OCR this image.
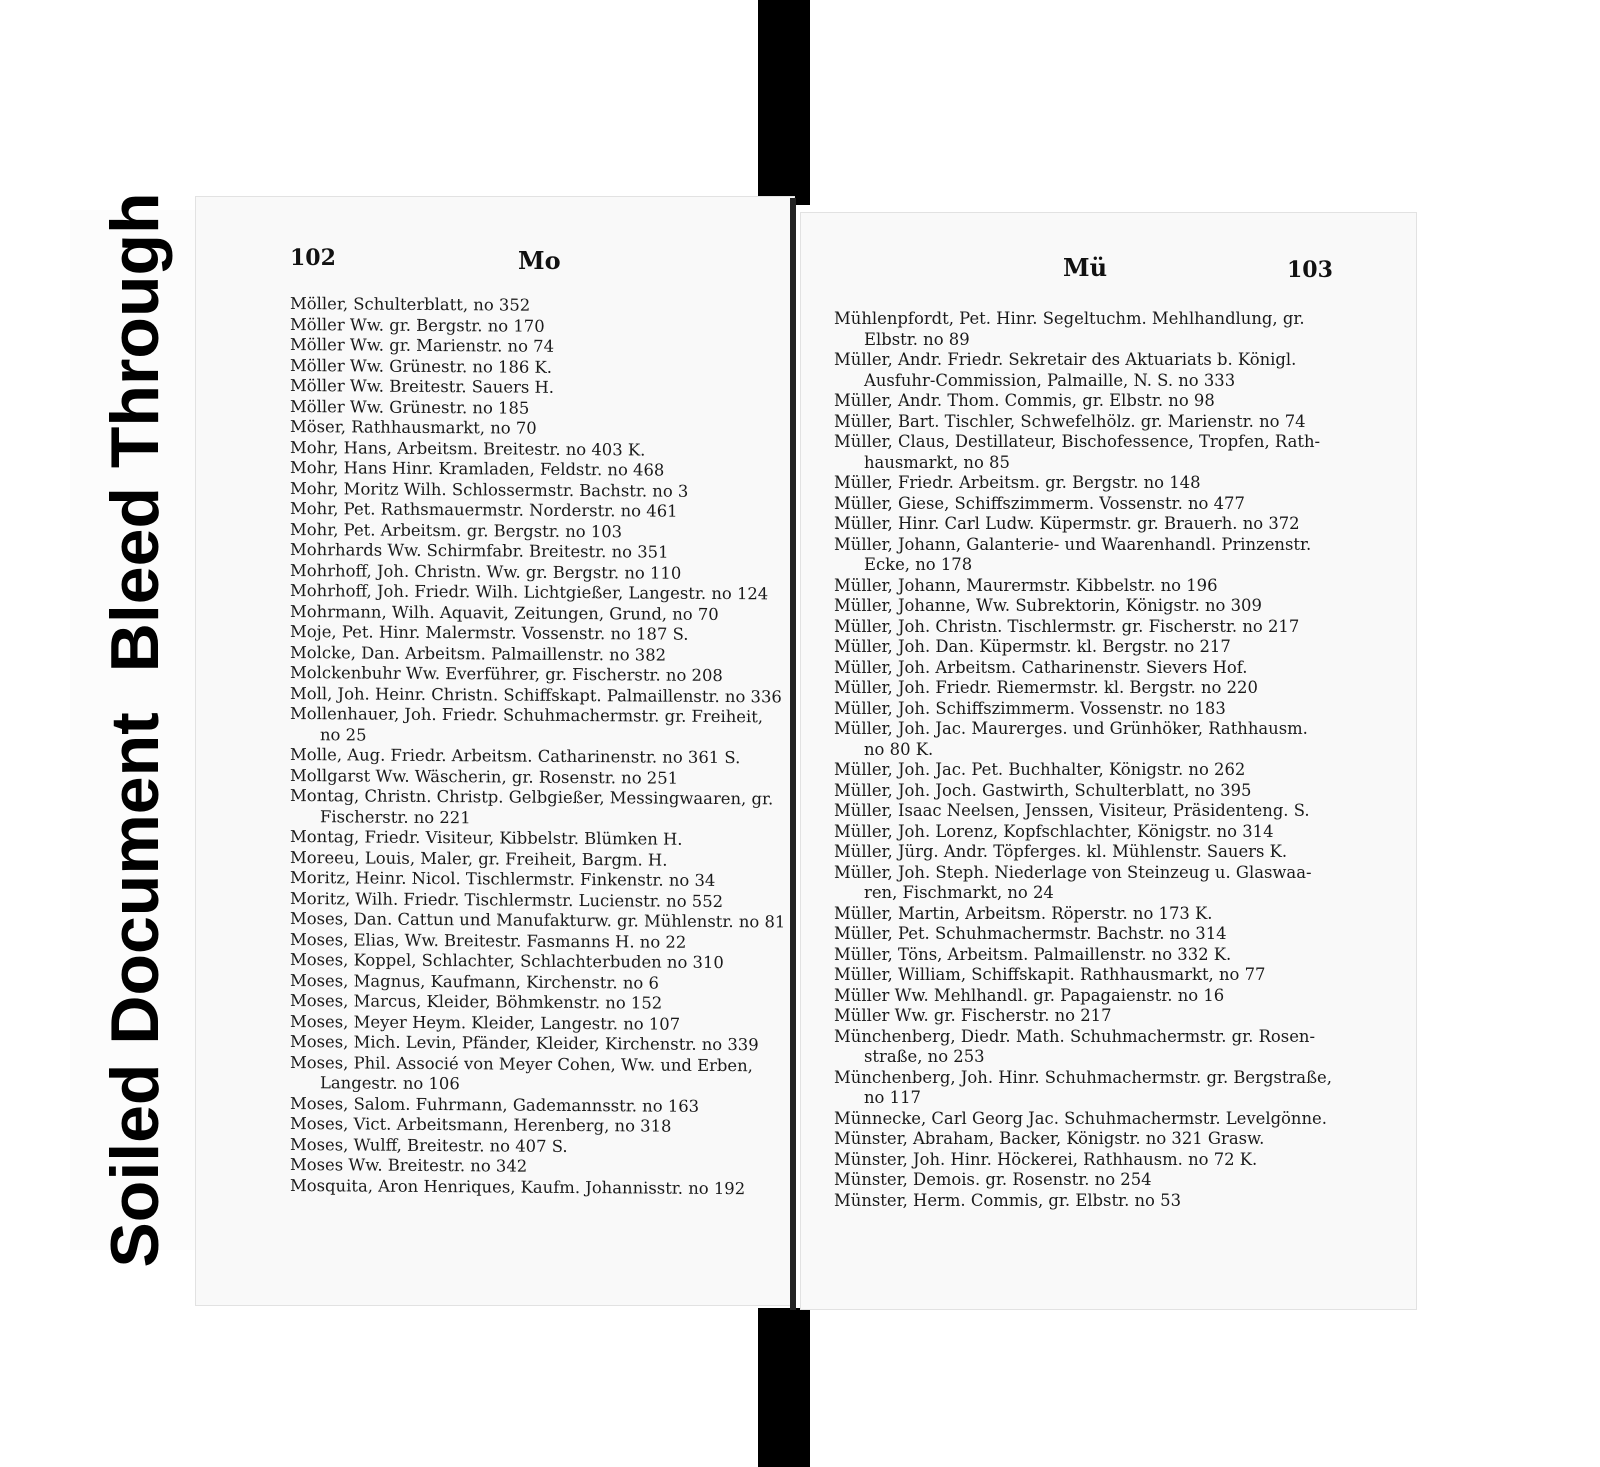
Soiled DocumentBleed Through	102	Mo	Mü	103

Möller, Schulterblatt, no 352

Möller Ww. gr. Bergstr. no 170

Möller Ww. gr. Marienstr. no 74

Möller Ww. Grünestr. no 186 K.

Möller Ww. Breitestr. Sauers H.

Möller Ww. Grünestr. no 185

Möser, Rathhausmarkt, no 70

Mohr, Hans, Arbeitsm. Breitestr. no 403 K.

Mohr, Hans Hinr. Kramladen, Feldstr. no 468

Mohr, Moritz Wilh. Schlossermstr. Bachstr. no 3

Mohr, Pet. Rathsmauermstr. Norderstr. no 461

Mohr, Pet. Arbeitsm. gr. Bergstr. no 103

Mohrhards Ww. Schirmfabr. Breitestr. no 351

Mohrhoff, Joh. Christn. Ww. gr. Bergstr. no 110

Mohrhoff, Joh. Friedr. Wilh. Lichtgießer, Langestr. no 124

Mohrmann, Wilh. Aquavit, Zeitungen, Grund, no 70

Moje, Pet. Hinr. Malermstr. Vossenstr. no 187 S.

Molcke, Dan. Arbeitsm. Palmaillenstr. no 382

Molckenbuhr Ww. Everführer, gr. Fischerstr. no 208

Moll, Joh. Heinr. Christn. Schiffskapt. Palmaillenstr. no 336

Mollenhauer, Joh. Friedr. Schuhmachermstr. gr. Freiheit,

no 25

Molle, Aug. Friedr. Arbeitsm. Catharinenstr. no 361 S.

Mollgarst Ww. Wäscherin, gr. Rosenstr. no 251

Montag, Christn. Christp. Gelbgießer, Messingwaaren, gr.

Fischerstr. no 221

Montag, Friedr. Visiteur, Kibbelstr. Blümken H.

Moreeu, Louis, Maler, gr. Freiheit, Bargm. H.

Moritz, Heinr. Nicol. Tischlermstr. Finkenstr. no 34

Moritz, Wilh. Friedr. Tischlermstr. Lucienstr. no 552

Moses, Dan. Cattun und Manufakturw. gr. Mühlenstr. no 81

Moses, Elias, Ww. Breitestr. Fasmanns H. no 22

Moses, Koppel, Schlachter, Schlachterbuden no 310

Moses, Magnus, Kaufmann, Kirchenstr. no 6

Moses, Marcus, Kleider, Böhmkenstr. no 152

Moses, Meyer Heym. Kleider, Langestr. no 107

Moses, Mich. Levin, Pfänder, Kleider, Kirchenstr. no 339

Moses, Phil. Associé von Meyer Cohen, Ww. und Erben,

Langestr. no 106

Moses, Salom. Fuhrmann, Gademannsstr. no 163

Moses, Vict. Arbeitsmann, Herenberg, no 318

Moses, Wulff, Breitestr. no 407 S.

Moses Ww. Breitestr. no 342

Mosquita, Aron Henriques, Kaufm. Johannisstr. no 192

Mühlenpfordt, Pet. Hinr. Segeltuchm. Mehlhandlung, gr.

Elbstr. no 89

Müller, Andr. Friedr. Sekretair des Aktuariats b. Königl.

Ausfuhr-Commission, Palmaille, N. S. no 333

Müller, Andr. Thom. Commis, gr. Elbstr. no 98

Müller, Bart. Tischler, Schwefelhölz. gr. Marienstr. no 74

Müller, Claus, Destillateur, Bischofessence, Tropfen, Rath-

hausmarkt, no 85

Müller, Friedr. Arbeitsm. gr. Bergstr. no 148

Müller, Giese, Schiffszimmerm. Vossenstr. no 477

Müller, Hinr. Carl Ludw. Küpermstr. gr. Brauerh. no 372

Müller, Johann, Galanterie- und Waarenhandl. Prinzenstr.

Ecke, no 178

Müller, Johann, Maurermstr. Kibbelstr. no 196

Müller, Johanne, Ww. Subrektorin, Königstr. no 309

Müller, Joh. Christn. Tischlermstr. gr. Fischerstr. no 217

Müller, Joh. Dan. Küpermstr. kl. Bergstr. no 217

Müller, Joh. Arbeitsm. Catharinenstr. Sievers Hof.

Müller, Joh. Friedr. Riemermstr. kl. Bergstr. no 220

Müller, Joh. Schiffszimmerm. Vossenstr. no 183

Müller, Joh. Jac. Maurerges. und Grünhöker, Rathhausm.

no 80 K.

Müller, Joh. Jac. Pet. Buchhalter, Königstr. no 262

Müller, Joh. Joch. Gastwirth, Schulterblatt, no 395

Müller, Isaac Neelsen, Jenssen, Visiteur, Präsidenteng. S.

Müller, Joh. Lorenz, Kopfschlachter, Königstr. no 314

Müller, Jürg. Andr. Töpferges. kl. Mühlenstr. Sauers K.

Müller, Joh. Steph. Niederlage von Steinzeug u. Glaswaa-

ren, Fischmarkt, no 24

Müller, Martin, Arbeitsm. Röperstr. no 173 K.

Müller, Pet. Schuhmachermstr. Bachstr. no 314

Müller, Töns, Arbeitsm. Palmaillenstr. no 332 K.

Müller, William, Schiffskapit. Rathhausmarkt, no 77

Müller Ww. Mehlhandl. gr. Papagaienstr. no 16

Müller Ww. gr. Fischerstr. no 217

Münchenberg, Diedr. Math. Schuhmachermstr. gr. Rosen-

straße, no 253

Münchenberg, Joh. Hinr. Schuhmachermstr. gr. Bergstraße,

no 117

Münnecke, Carl Georg Jac. Schuhmachermstr. Levelgönne.

Münster, Abraham, Backer, Königstr. no 321 Grasw.

Münster, Joh. Hinr. Höckerei, Rathhausm. no 72 K.

Münster, Demois. gr. Rosenstr. no 254

Münster, Herm. Commis, gr. Elbstr. no 53
